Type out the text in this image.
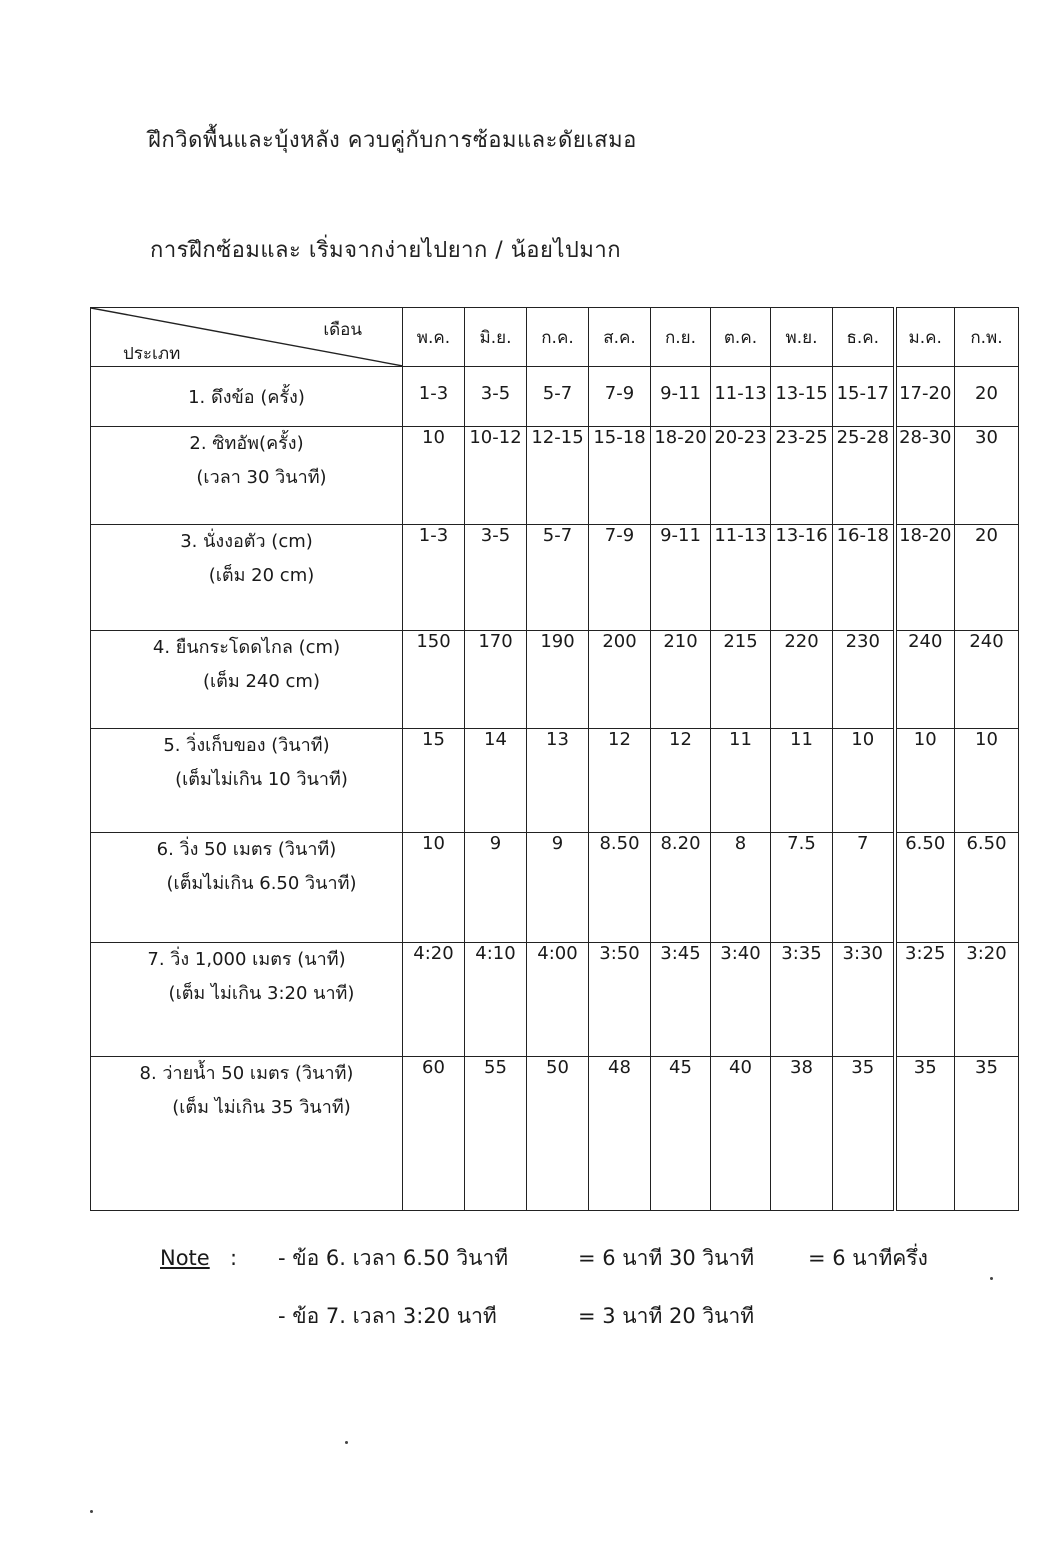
ฝึกวิดพื้นและบุ้งหลัง ควบคู่กับการซ้อมและดัยเสมอ
การฝึกซ้อมและ เริ่มจากง่ายไปยาก / น้อยไปมาก
เดือน
ประเภท	พ.ค.	มิ.ย.	ก.ค.	ส.ค.	ก.ย.	ต.ค.	พ.ย.	ธ.ค.	ม.ค.	ก.พ.
1. ดึงข้อ (ครั้ง)	1-3	3-5	5-7	7-9	9-11	11-13	13-15	15-17	17-20	20
2. ซิทอัพ(ครั้ง)
(เวลา 30 วินาที)	10	10-12	12-15	15-18	18-20	20-23	23-25	25-28	28-30	30
3. นั่งงอตัว (cm)
(เต็ม 20 cm)	1-3	3-5	5-7	7-9	9-11	11-13	13-16	16-18	18-20	20
4. ยืนกระโดดไกล (cm)
(เต็ม 240 cm)	150	170	190	200	210	215	220	230	240	240
5. วิ่งเก็บของ (วินาที)
(เต็มไม่เกิน 10 วินาที)	15	14	13	12	12	11	11	10	10	10
6. วิ่ง 50 เมตร (วินาที)
(เต็มไม่เกิน 6.50 วินาที)	10	9	9	8.50	8.20	8	7.5	7	6.50	6.50
7. วิ่ง 1,000 เมตร (นาที)
(เต็ม ไม่เกิน 3:20 นาที)	4:20	4:10	4:00	3:50	3:45	3:40	3:35	3:30	3:25	3:20
8. ว่ายน้ำ 50 เมตร (วินาที)
(เต็ม ไม่เกิน 35 วินาที)	60	55	50	48	45	40	38	35	35	35
Note :	- ข้อ 6. เวลา 6.50 วินาที	= 6 นาที 30 วินาที	= 6 นาทีครึ่ง
- ข้อ 7. เวลา 3:20 นาที	= 3 นาที 20 วินาที
